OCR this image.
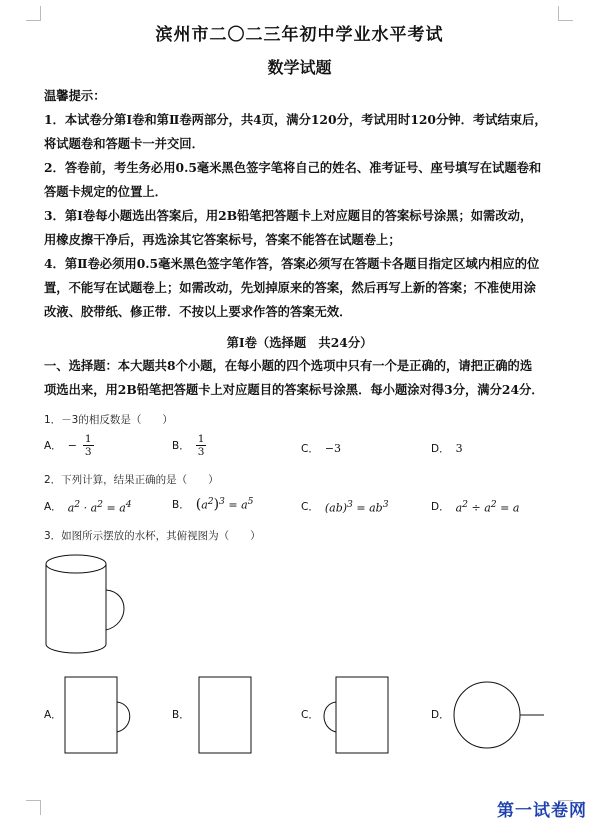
滨州市二〇二三年初中学业水平考试
数学试题
温馨提示：
1．本试卷分第Ⅰ卷和第Ⅱ卷两部分，共4页，满分120分，考试用时120分钟．考试结束后，
将试题卷和答题卡一并交回．
2．答卷前，考生务必用0.5毫米黑色签字笔将自己的姓名、准考证号、座号填写在试题卷和
答题卡规定的位置上．
3．第Ⅰ卷每小题选出答案后，用2B铅笔把答题卡上对应题目的答案标号涂黑；如需改动，
用橡皮擦干净后，再选涂其它答案标号，答案不能答在试题卷上；
4．第Ⅱ卷必须用0.5毫米黑色签字笔作答，答案必须写在答题卡各题目指定区域内相应的位
置，不能写在试题卷上；如需改动，先划掉原来的答案，然后再写上新的答案；不准使用涂
改液、胶带纸、修正带．不按以上要求作答的答案无效．
第Ⅰ卷（选择题　共24分）
一、选择题：本大题共8个小题，在每小题的四个选项中只有一个是正确的，请把正确的选
项选出来，用2B铅笔把答题卡上对应题目的答案标号涂黑．每小题涂对得3分，满分24分．
1．－3的相反数是（　　）
A． − $\frac{1}{3}$	B． $\frac{1}{3}$	C． −3	D． 3
2．下列计算，结果正确的是（　　）
A． $a^2 \cdot a^2 = a^4$	B． $(a^2)^3 = a^5$	C． $(ab)^3 = ab^3$	D． $a^2 \div a^2 = a$
3．如图所示摆放的水杯，其俯视图为（　　）
A．	B．	C．	D．
第一试卷网
